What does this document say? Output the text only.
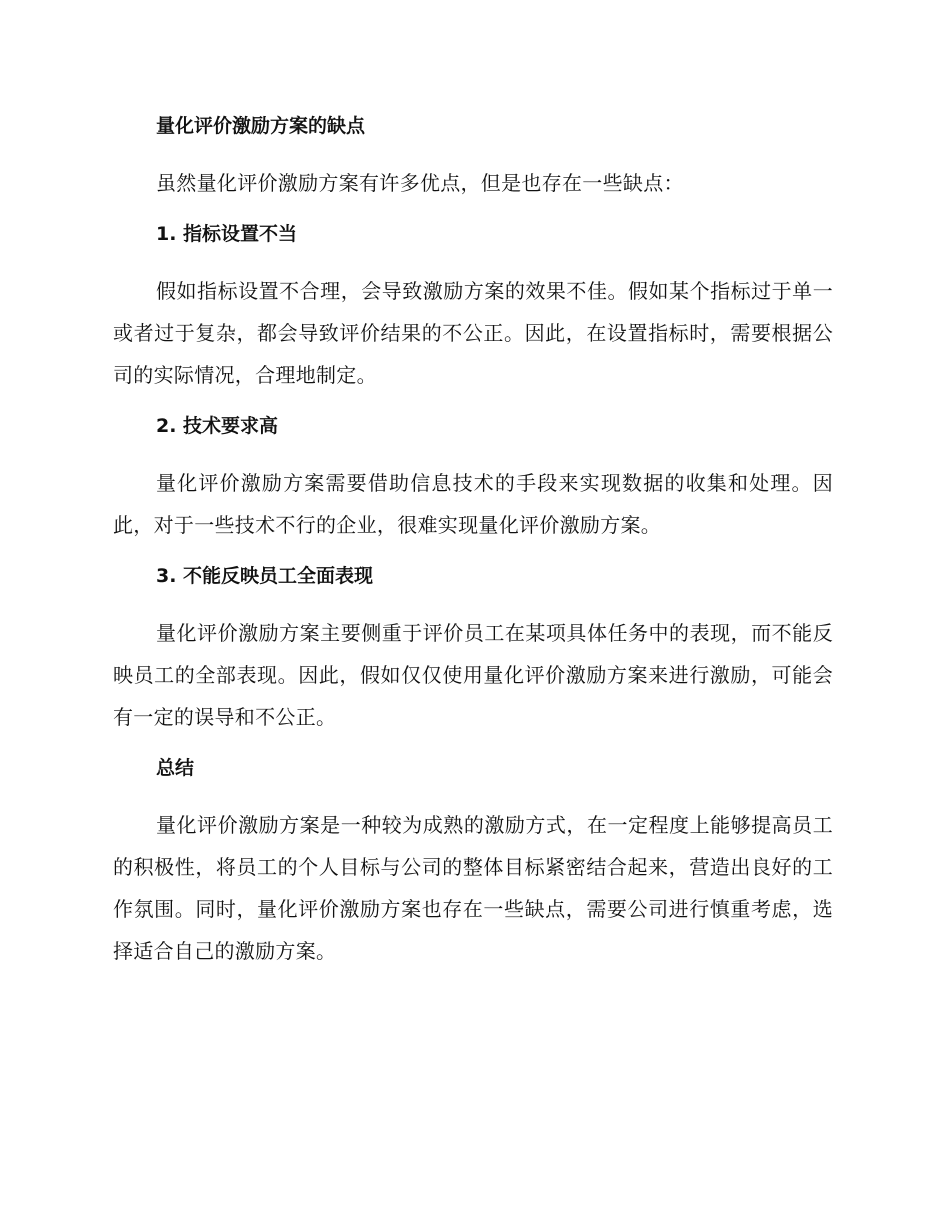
量化评价激励方案的缺点

虽然量化评价激励方案有许多优点，但是也存在一些缺点：

1. 指标设置不当

假如指标设置不合理，会导致激励方案的效果不佳。假如某个指标过于单一或者过于复杂，都会导致评价结果的不公正。因此，在设置指标时，需要根据公司的实际情况，合理地制定。

2. 技术要求高

量化评价激励方案需要借助信息技术的手段来实现数据的收集和处理。因此，对于一些技术不行的企业，很难实现量化评价激励方案。

3. 不能反映员工全面表现

量化评价激励方案主要侧重于评价员工在某项具体任务中的表现，而不能反映员工的全部表现。因此，假如仅仅使用量化评价激励方案来进行激励，可能会有一定的误导和不公正。

总结

量化评价激励方案是一种较为成熟的激励方式，在一定程度上能够提高员工的积极性，将员工的个人目标与公司的整体目标紧密结合起来，营造出良好的工作氛围。同时，量化评价激励方案也存在一些缺点，需要公司进行慎重考虑，选择适合自己的激励方案。
